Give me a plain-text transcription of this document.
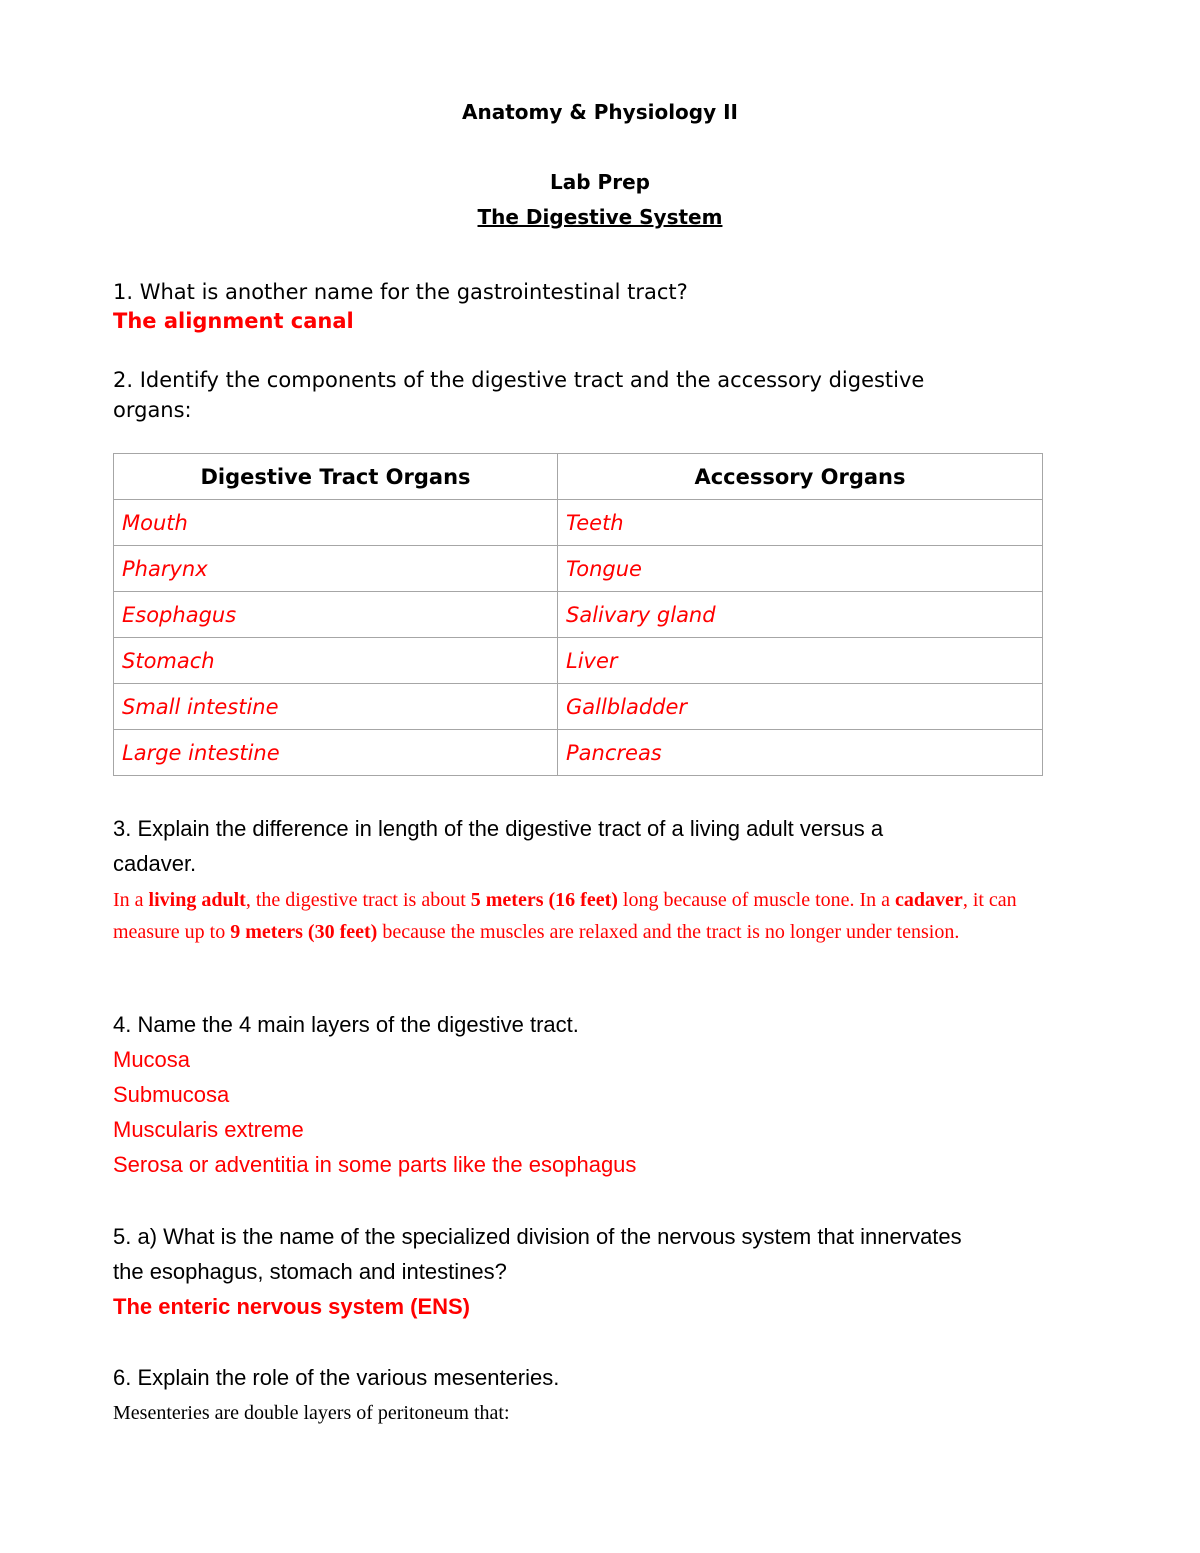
Anatomy & Physiology II
Lab Prep
The Digestive System
1. What is another name for the gastrointestinal tract?
The alignment canal
2. Identify the components of the digestive tract and the accessory digestive
organs:
Digestive Tract Organs	Accessory Organs
Mouth	Teeth
Pharynx	Tongue
Esophagus	Salivary gland
Stomach	Liver
Small intestine	Gallbladder
Large intestine	Pancreas
3. Explain the difference in length of the digestive tract of a living adult versus a
cadaver.
In a living adult, the digestive tract is about 5 meters (16 feet) long because of muscle tone. In a cadaver, it can measure up to 9 meters (30 feet) because the muscles are relaxed and the tract is no longer under tension.
4. Name the 4 main layers of the digestive tract.
Mucosa
Submucosa
Muscularis extreme
Serosa or adventitia in some parts like the esophagus
5. a) What is the name of the specialized division of the nervous system that innervates
the esophagus, stomach and intestines?
The enteric nervous system (ENS)
6. Explain the role of the various mesenteries.
Mesenteries are double layers of peritoneum that:
